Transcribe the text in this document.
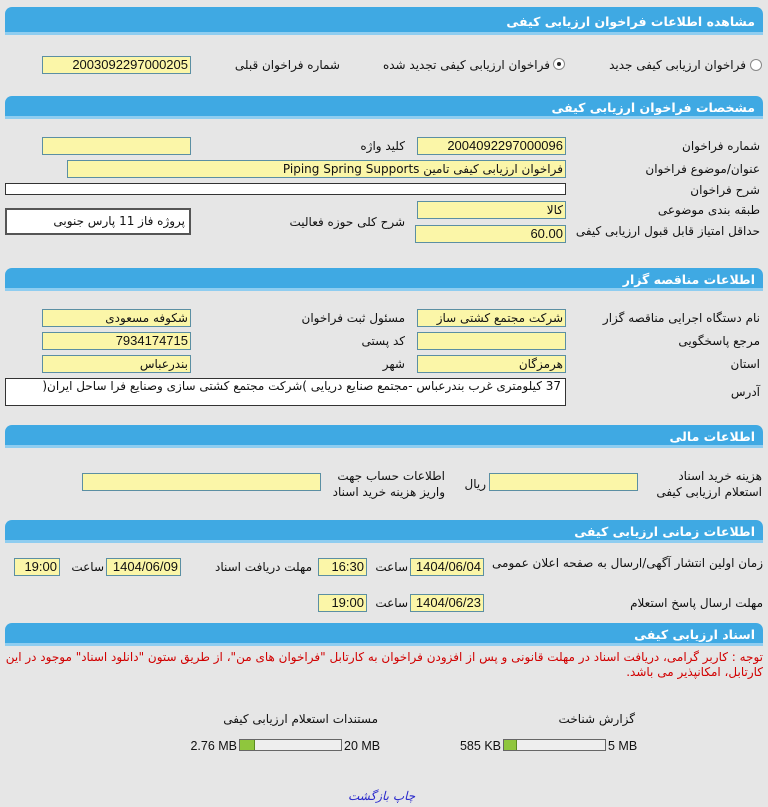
مشاهده اطلاعات فراخوان ارزیابی کیفی
فراخوان ارزیابی کیفی جدید
فراخوان ارزیابی کیفی تجدید شده
شماره فراخوان قبلی
2003092297000205
مشخصات فراخوان ارزیابی کیفی
شماره فراخوان
2004092297000096
کلید واژه
عنوان/موضوع فراخوان
فراخوان ارزیابی کیفی تامین Piping Spring Supports
شرح فراخوان
طبقه بندی موضوعی
کالا
شرح کلی حوزه فعالیت
پروژه فاز 11 پارس جنوبی
حداقل امتیاز قابل قبول ارزیابی کیفی
60.00
اطلاعات مناقصه گزار
نام دستگاه اجرایی مناقصه گزار
شرکت مجتمع کشتی ساز
مسئول ثبت فراخوان
شکوفه مسعودی
مرجع پاسخگویی
کد پستی
7934174715
استان
هرمزگان
شهر
بندرعباس
آدرس
37 کیلومتری غرب بندرعباس -مجتمع صنایع دریایی )شرکت مجتمع کشتی سازی وصنایع فرا ساحل ایران(
اطلاعات مالی
هزینه خرید اسناد
استعلام ارزیابی کیفی
ریال
اطلاعات حساب جهت
واریز هزینه خرید اسناد
اطلاعات زمانی ارزیابی کیفی
زمان اولین انتشار آگهی/ارسال به صفحه اعلان عمومی
1404/06/04
ساعت
16:30
مهلت دریافت اسناد
1404/06/09
ساعت
19:00
مهلت ارسال پاسخ استعلام
1404/06/23
ساعت
19:00
اسناد ارزیابی کیفی
توجه : کاربر گرامی، دریافت اسناد در مهلت قانونی و پس از افزودن فراخوان به کارتابل "فراخوان های من"، از طریق ستون "دانلود اسناد" موجود در این کارتابل، امکانپذیر می باشد.
گزارش شناخت
5 MB
585 KB
مستندات استعلام ارزیابی کیفی
20 MB
2.76 MB
چاپ بازگشت
